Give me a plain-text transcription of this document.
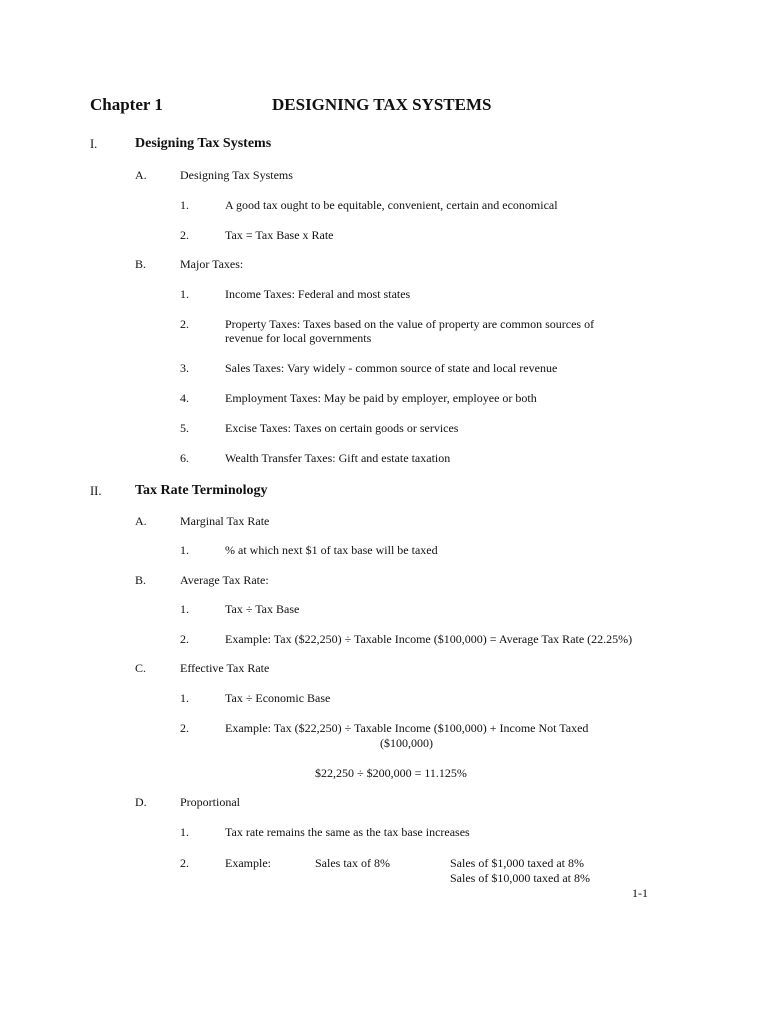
Chapter 1	DESIGNING TAX SYSTEMS
I.	Designing Tax Systems
A.	Designing Tax Systems
1.	A good tax ought to be equitable, convenient, certain and economical
2.	Tax = Tax Base x Rate
B.	Major Taxes:
1.	Income Taxes: Federal and most states
2.	Property Taxes: Taxes based on the value of property are common sources of
revenue for local governments
3.	Sales Taxes: Vary widely - common source of state and local revenue
4.	Employment Taxes: May be paid by employer, employee or both
5.	Excise Taxes: Taxes on certain goods or services
6.	Wealth Transfer Taxes: Gift and estate taxation
II. Tax Rate Terminology
A.	Marginal Tax Rate
1.	% at which next $1 of tax base will be taxed
B.	Average Tax Rate:
1.	Tax ÷ Tax Base
2.	Example: Tax ($22,250) ÷ Taxable Income ($100,000) = Average Tax Rate (22.25%)
C.	Effective Tax Rate
1.	Tax ÷ Economic Base
2.	Example: Tax ($22,250) ÷ Taxable Income ($100,000) + Income Not Taxed
($100,000)
$22,250 ÷ $200,000 = 11.125%
D.	Proportional
1.	Tax rate remains the same as the tax base increases
2.	Example:	Sales tax of 8%	Sales of $1,000 taxed at 8%
Sales of $10,000 taxed at 8%
1-1
